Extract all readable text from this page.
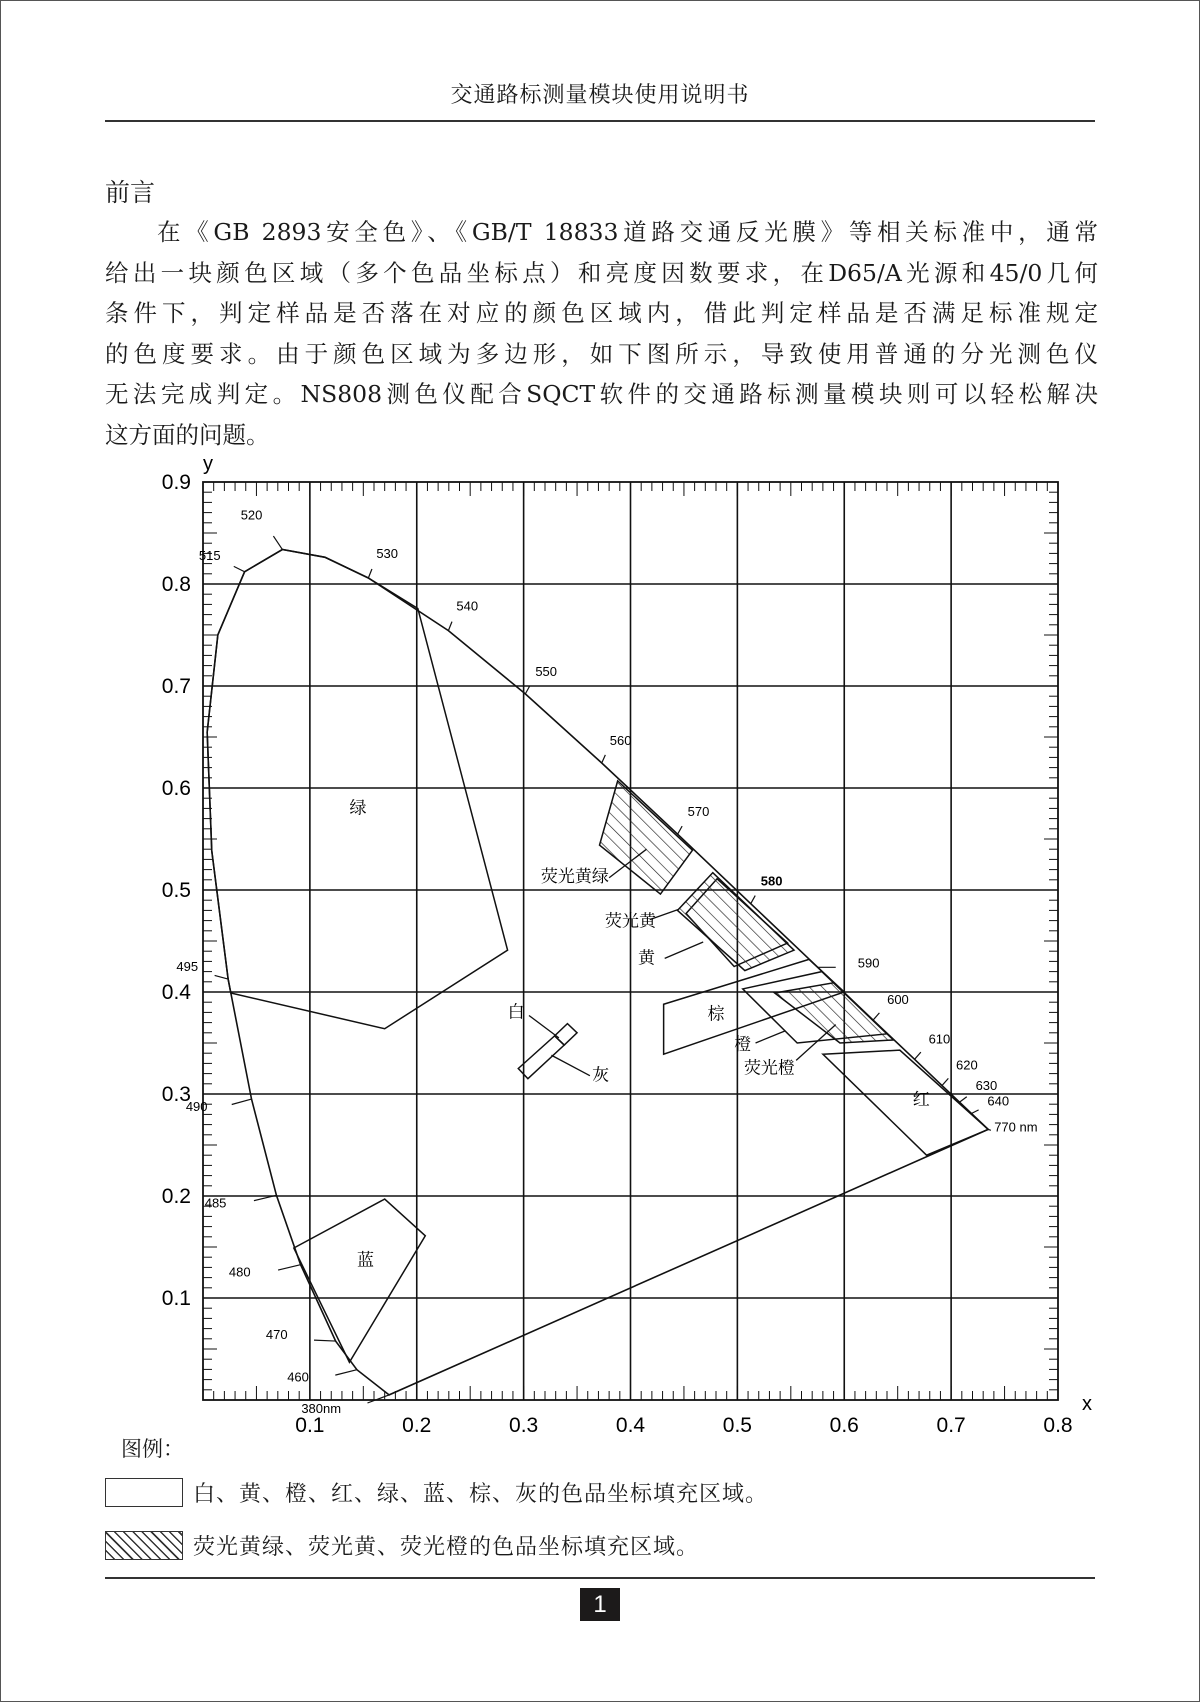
交通路标测量模块使用说明书
前言
在《GB 2893安全色》、《GB/T 18833道路交通反光膜》等相关标准中，通常
给出一块颜色区域（多个色品坐标点）和亮度因数要求，在D65/A光源和45/0几何
条件下，判定样品是否落在对应的颜色区域内，借此判定样品是否满足标准规定
的色度要求。由于颜色区域为多边形，如下图所示，导致使用普通的分光测色仪
无法完成判定。NS808测色仪配合SQCT软件的交通路标测量模块则可以轻松解决
这方面的问题。
0.1	0.2	0.3	0.4	0.5	0.6	0.7	0.8
0.1
0.2
0.3
0.4
0.5
0.6
0.7
0.8
0.9
y
x
绿
蓝
白
灰
棕
黄
橙
红
荧光黄绿
荧光黄
荧光橙
380nm
460
470
480
485
490
495
515
520
530
540
550
560
570
580
590
600
610
620
630
640
770 nm
图例：
白、黄、橙、红、绿、蓝、棕、灰的色品坐标填充区域。
荧光黄绿、荧光黄、荧光橙的色品坐标填充区域。
1
